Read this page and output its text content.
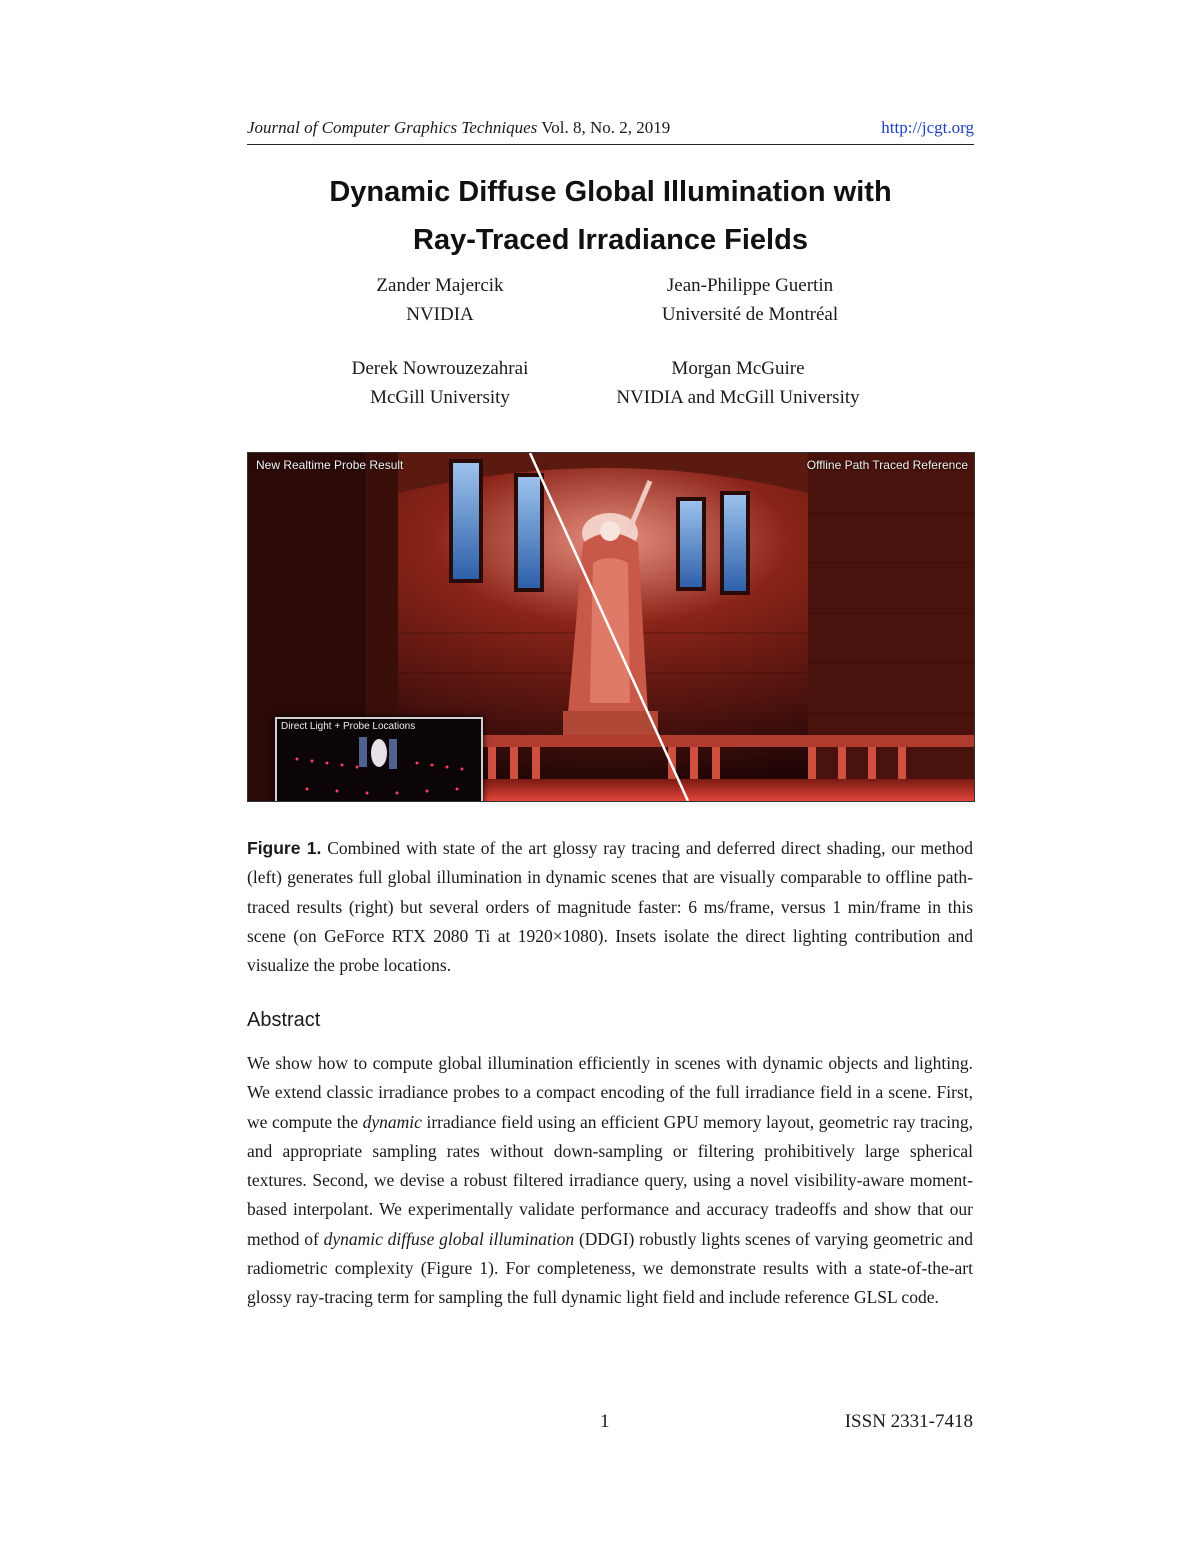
Journal of Computer Graphics Techniques Vol. 8, No. 2, 2019	http://jcgt.org
Dynamic Diffuse Global Illumination with
Ray-Traced Irradiance Fields
Zander Majercik
NVIDIA
Jean-Philippe Guertin
Université de Montréal
Derek Nowrouzezahrai
McGill University
Morgan McGuire
NVIDIA and McGill University
New Realtime Probe Result	Offline Path Traced Reference
Direct Light + Probe Locations
Figure 1. Combined with state of the art glossy ray tracing and deferred direct shading, our method (left) generates full global illumination in dynamic scenes that are visually comparable to offline path-traced results (right) but several orders of magnitude faster: 6 ms/frame, versus 1 min/frame in this scene (on GeForce RTX 2080 Ti at 1920×1080). Insets isolate the direct lighting contribution and visualize the probe locations.
Abstract
We show how to compute global illumination efficiently in scenes with dynamic objects and lighting. We extend classic irradiance probes to a compact encoding of the full irradiance field in a scene. First, we compute the dynamic irradiance field using an efficient GPU memory layout, geometric ray tracing, and appropriate sampling rates without down-sampling or filtering prohibitively large spherical textures. Second, we devise a robust filtered irradiance query, using a novel visibility-aware moment-based interpolant. We experimentally validate performance and accuracy tradeoffs and show that our method of dynamic diffuse global illumination (DDGI) robustly lights scenes of varying geometric and radiometric complexity (Figure 1). For completeness, we demonstrate results with a state-of-the-art glossy ray-tracing term for sampling the full dynamic light field and include reference GLSL code.
1	ISSN 2331-7418
